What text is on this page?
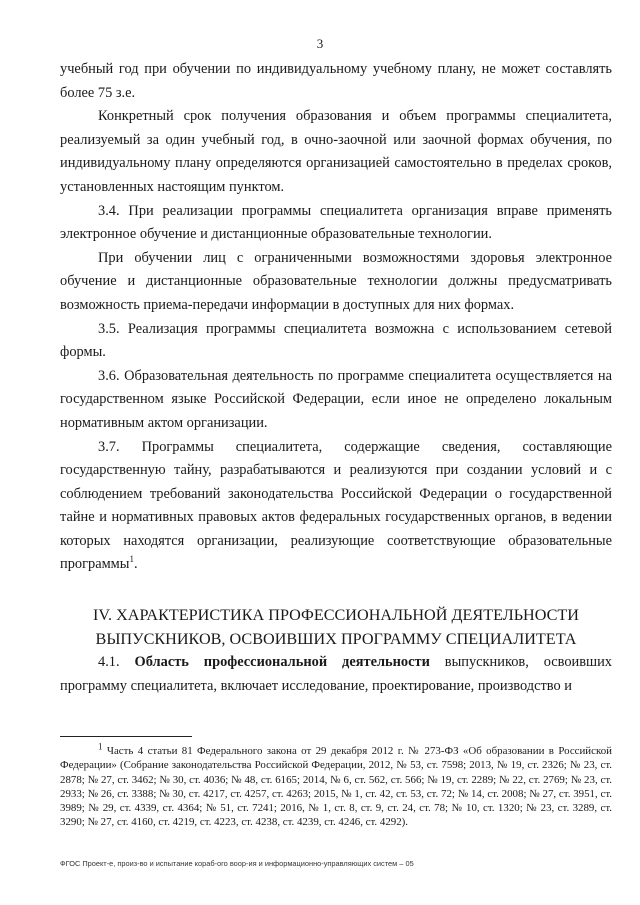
3

учебный год при обучении по индивидуальному учебному плану, не может составлять более 75 з.е.

Конкретный срок получения образования и объем программы специалитета, реализуемый за один учебный год, в очно-заочной или заочной формах обучения, по индивидуальному плану определяются организацией самостоятельно в пределах сроков, установленных настоящим пунктом.

3.4. При реализации программы специалитета организация вправе применять электронное обучение и дистанционные образовательные технологии.

При обучении лиц с ограниченными возможностями здоровья электронное обучение и дистанционные образовательные технологии должны предусматривать возможность приема-передачи информации в доступных для них формах.

3.5. Реализация программы специалитета возможна с использованием сетевой формы.

3.6. Образовательная деятельность по программе специалитета осуществляется на государственном языке Российской Федерации, если иное не определено локальным нормативным актом организации.

3.7. Программы специалитета, содержащие сведения, составляющие государственную тайну, разрабатываются и реализуются при создании условий и с соблюдением требований законодательства Российской Федерации о государственной тайне и нормативных правовых актов федеральных государственных органов, в ведении которых находятся организации, реализующие соответствующие образовательные программы$^1$.

IV. ХАРАКТЕРИСТИКА ПРОФЕССИОНАЛЬНОЙ ДЕЯТЕЛЬНОСТИ
ВЫПУСКНИКОВ, ОСВОИВШИХ ПРОГРАММУ СПЕЦИАЛИТЕТА

4.1. Область профессиональной деятельности выпускников, освоивших программу специалитета, включает исследование, проектирование, производство и

$^1$ Часть 4 статьи 81 Федерального закона от 29 декабря 2012 г. № 273-ФЗ «Об образовании в Российской Федерации» (Собрание законодательства Российской Федерации, 2012, № 53, ст. 7598; 2013, № 19, ст. 2326; № 23, ст. 2878; № 27, ст. 3462; № 30, ст. 4036; № 48, ст. 6165; 2014, № 6, ст. 562, ст. 566; № 19, ст. 2289; № 22, ст. 2769; № 23, ст. 2933; № 26, ст. 3388; № 30, ст. 4217, ст. 4257, ст. 4263; 2015, № 1, ст. 42, ст. 53, ст. 72; № 14, ст. 2008; № 27, ст. 3951, ст. 3989; № 29, ст. 4339, ст. 4364; № 51, ст. 7241; 2016, № 1, ст. 8, ст. 9, ст. 24, ст. 78; № 10, ст. 1320; № 23, ст. 3289, ст. 3290; № 27, ст. 4160, ст. 4219, ст. 4223, ст. 4238, ст. 4239, ст. 4246, ст. 4292).

ФГОС Проект-е, произ-во и испытание кораб-ого воор-ия и информационно-управляющих систем – 05
